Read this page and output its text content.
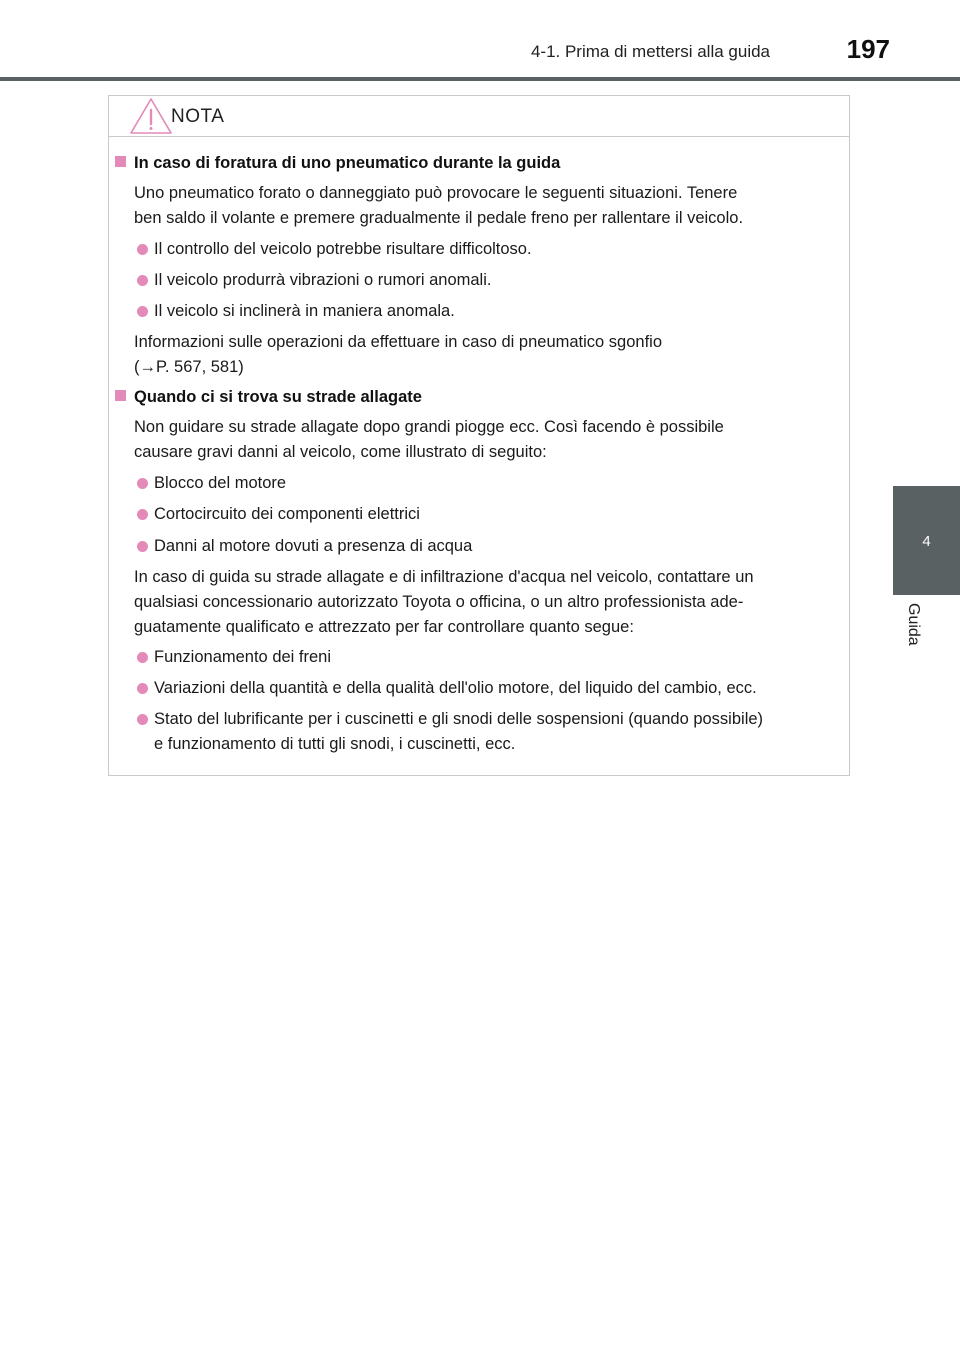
4-1. Prima di mettersi alla guida	197
4
Guida
NOTA
In caso di foratura di uno pneumatico durante la guida
Uno pneumatico forato o danneggiato può provocare le seguenti situazioni. Tenere
ben saldo il volante e premere gradualmente il pedale freno per rallentare il veicolo.
Il controllo del veicolo potrebbe risultare difficoltoso.
Il veicolo produrrà vibrazioni o rumori anomali.
Il veicolo si inclinerà in maniera anomala.
Informazioni sulle operazioni da effettuare in caso di pneumatico sgonfio
(→P. 567, 581)
Quando ci si trova su strade allagate
Non guidare su strade allagate dopo grandi piogge ecc. Così facendo è possibile
causare gravi danni al veicolo, come illustrato di seguito:
Blocco del motore
Cortocircuito dei componenti elettrici
Danni al motore dovuti a presenza di acqua
In caso di guida su strade allagate e di infiltrazione d'acqua nel veicolo, contattare un
qualsiasi concessionario autorizzato Toyota o officina, o un altro professionista ade-
guatamente qualificato e attrezzato per far controllare quanto segue:
Funzionamento dei freni
Variazioni della quantità e della qualità dell'olio motore, del liquido del cambio, ecc.
Stato del lubrificante per i cuscinetti e gli snodi delle sospensioni (quando possibile)
e funzionamento di tutti gli snodi, i cuscinetti, ecc.
